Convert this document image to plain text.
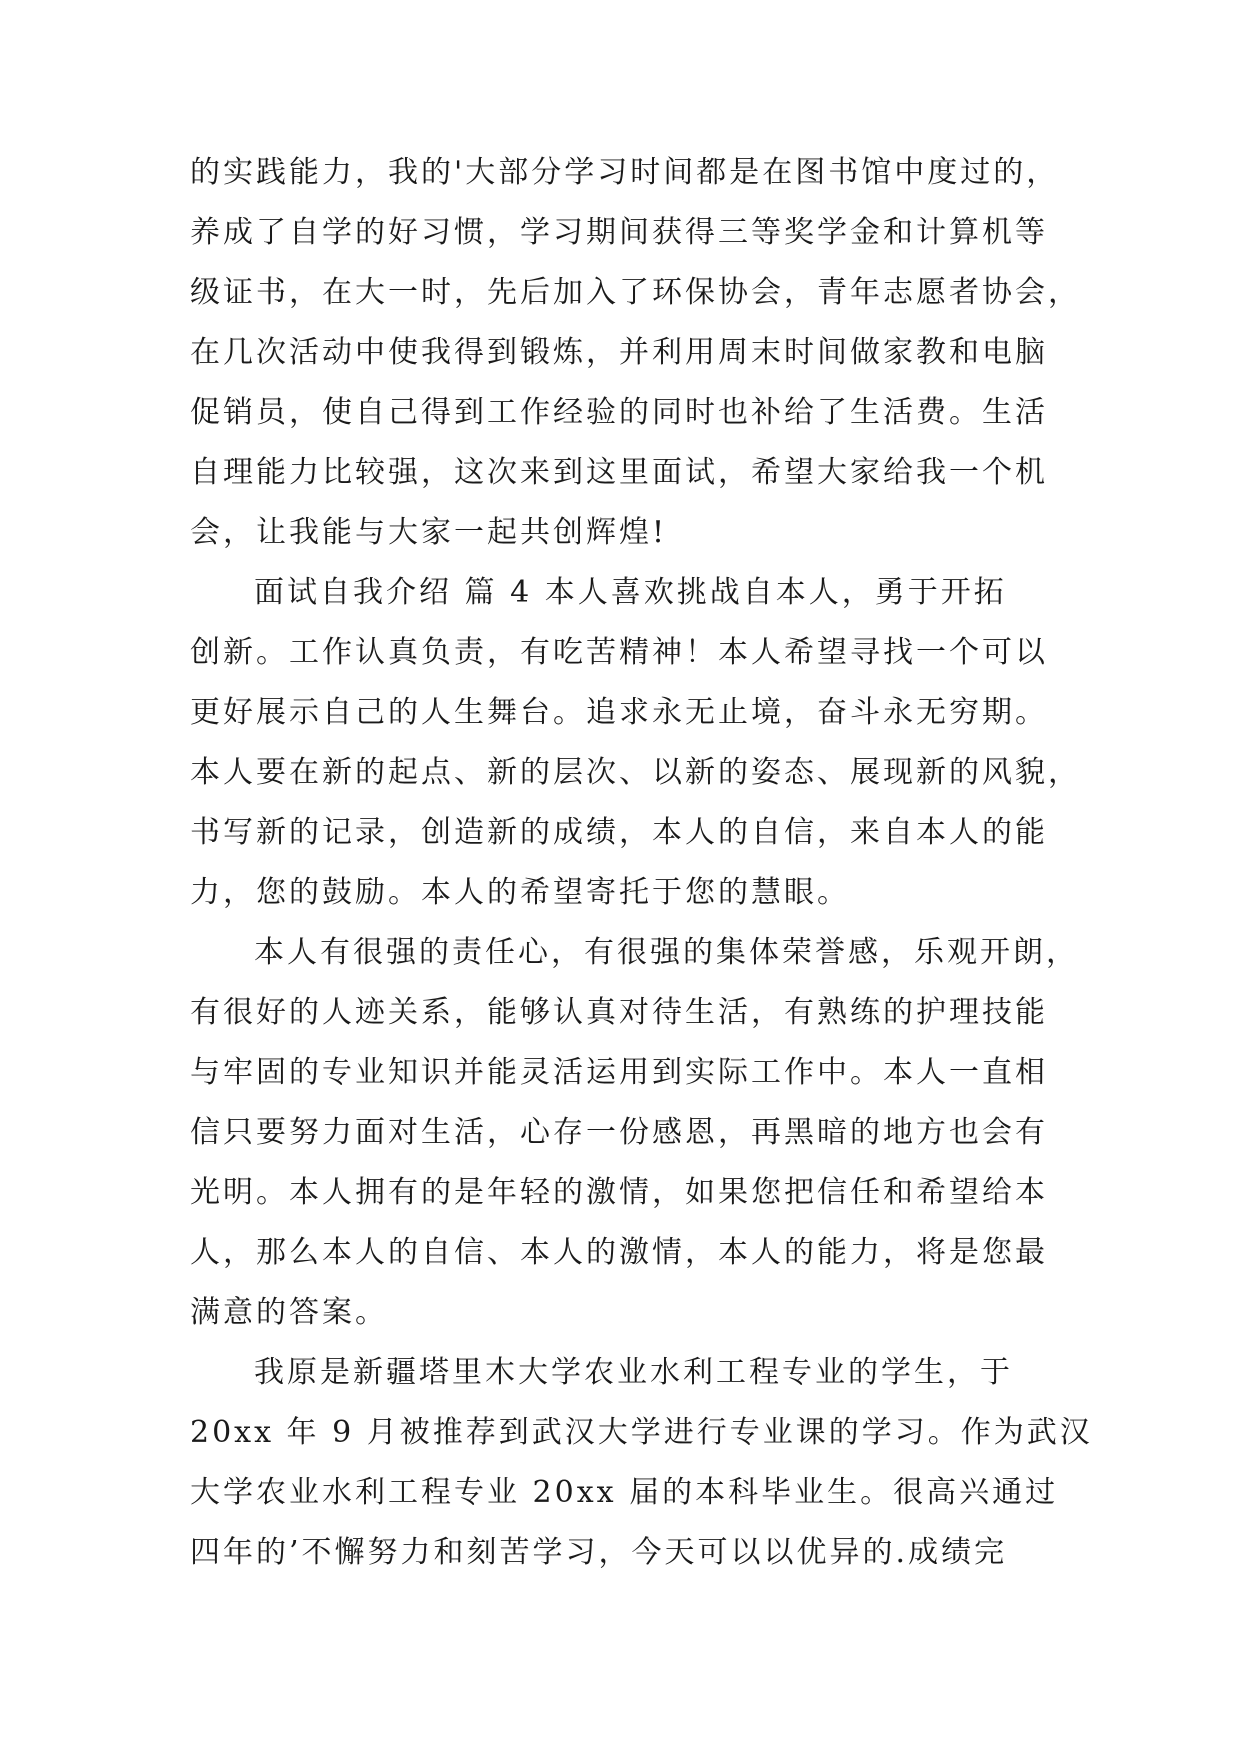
的实践能力，我的'大部分学习时间都是在图书馆中度过的，
养成了自学的好习惯，学习期间获得三等奖学金和计算机等
级证书，在大一时，先后加入了环保协会，青年志愿者协会，
在几次活动中使我得到锻炼，并利用周末时间做家教和电脑
促销员，使自己得到工作经验的同时也补给了生活费。生活
自理能力比较强，这次来到这里面试，希望大家给我一个机
会，让我能与大家一起共创辉煌!
面试自我介绍 篇 4 本人喜欢挑战自本人，勇于开拓
创新。工作认真负责，有吃苦精神！本人希望寻找一个可以
更好展示自己的人生舞台。追求永无止境，奋斗永无穷期。
本人要在新的起点、新的层次、以新的姿态、展现新的风貌，
书写新的记录，创造新的成绩，本人的自信，来自本人的能
力，您的鼓励。本人的希望寄托于您的慧眼。
本人有很强的责任心，有很强的集体荣誉感，乐观开朗，
有很好的人迹关系，能够认真对待生活，有熟练的护理技能
与牢固的专业知识并能灵活运用到实际工作中。本人一直相
信只要努力面对生活，心存一份感恩，再黑暗的地方也会有
光明。本人拥有的是年轻的激情，如果您把信任和希望给本
人，那么本人的自信、本人的激情，本人的能力，将是您最
满意的答案。
我原是新疆塔里木大学农业水利工程专业的学生，于
20xx 年 9 月被推荐到武汉大学进行专业课的学习。作为武汉
大学农业水利工程专业 20xx 届的本科毕业生。很高兴通过
四年的’不懈努力和刻苦学习，今天可以以优异的.成绩完
